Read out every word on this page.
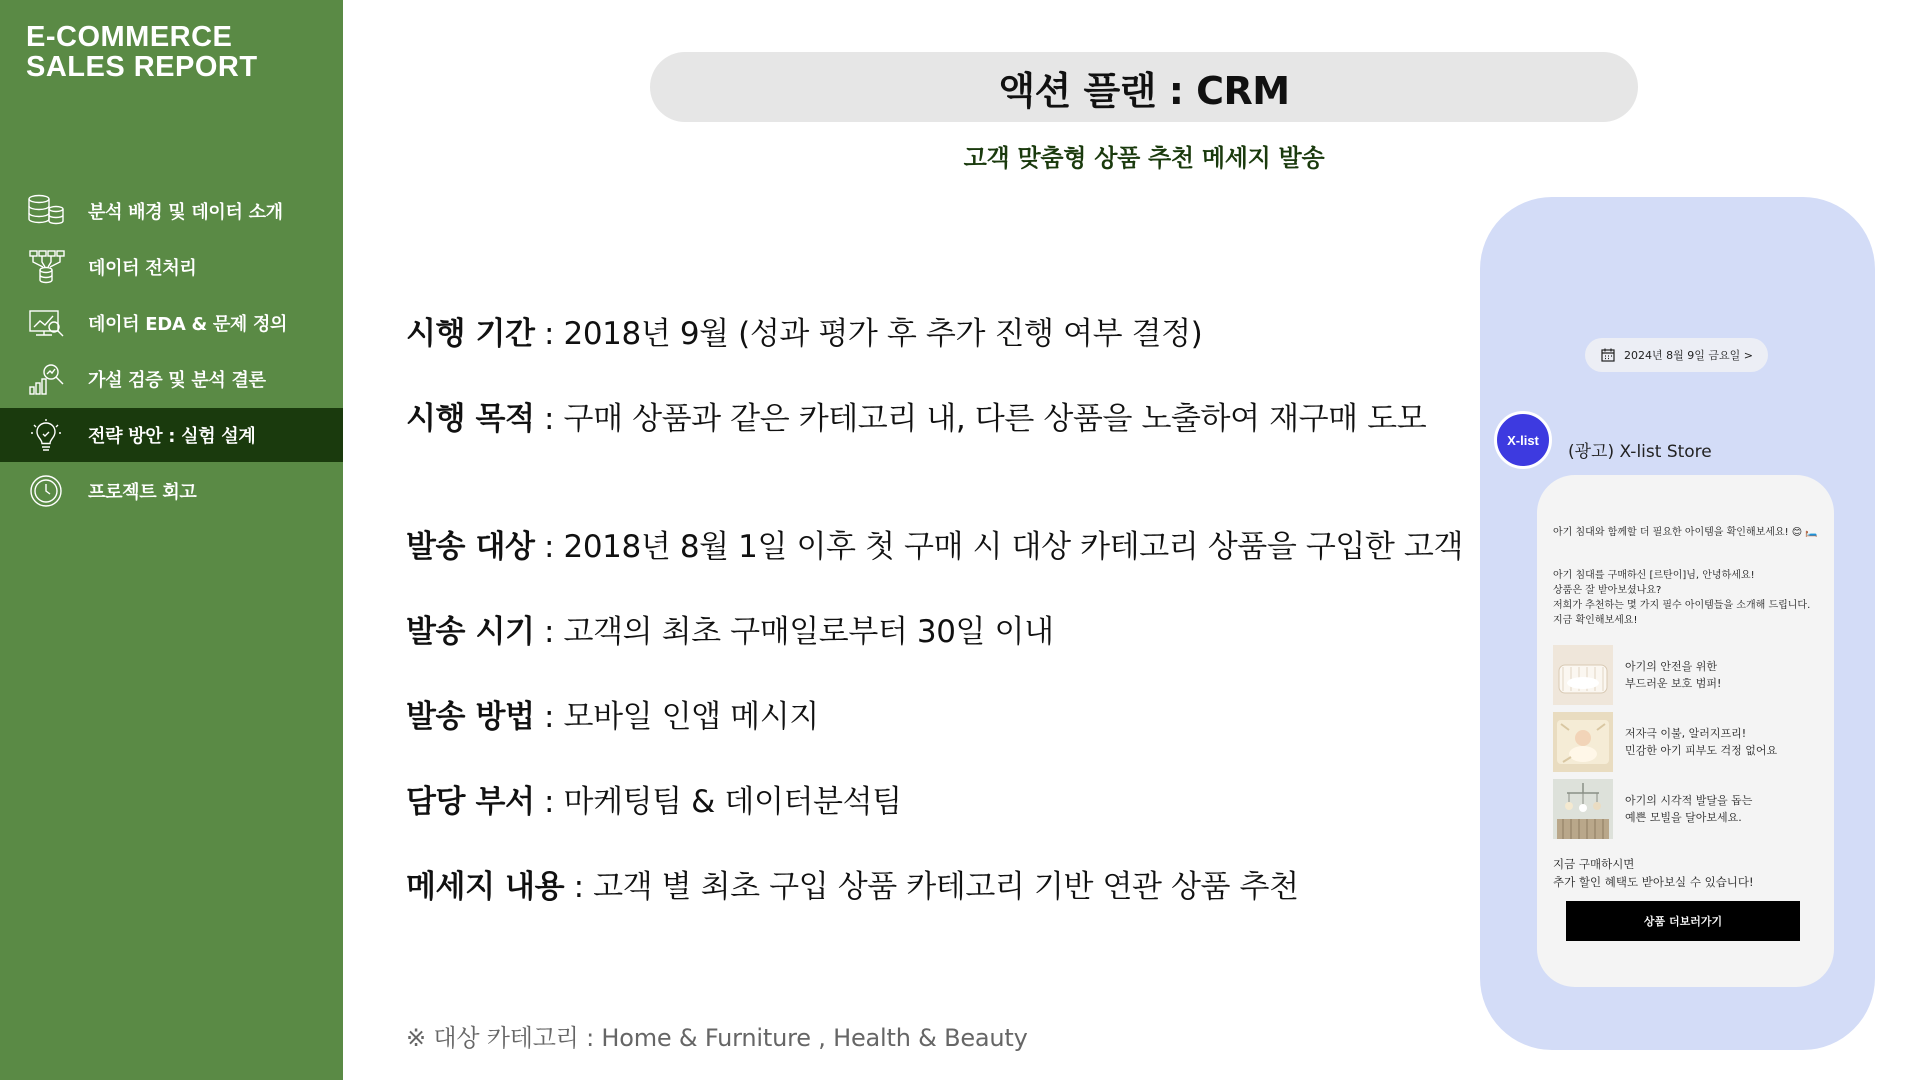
E-COMMERCE
SALES REPORT
분석 배경 및 데이터 소개
데이터 전처리
데이터 EDA & 문제 정의
가설 검증 및 분석 결론
전략 방안 : 실험 설계
프로젝트 회고
액션 플랜 : CRM
고객 맞춤형 상품 추천 메세지 발송
시행 기간 : 2018년 9월 (성과 평가 후 추가 진행 여부 결정)
시행 목적 : 구매 상품과 같은 카테고리 내, 다른 상품을 노출하여 재구매 도모
발송 대상 : 2018년 8월 1일 이후 첫 구매 시 대상 카테고리 상품을 구입한 고객
발송 시기 : 고객의 최초 구매일로부터 30일 이내
발송 방법 : 모바일 인앱 메시지
담당 부서 : 마케팅팀 & 데이터분석팀
메세지 내용 : 고객 별 최초 구입 상품 카테고리 기반 연관 상품 추천
※ 대상 카테고리 : Home & Furniture , Health & Beauty
2024년 8월 9일 금요일 >
X-list
(광고) X-list Store
아기 침대와 함께할 더 필요한 아이템을 확인해보세요! 😊 🛏️
아기 침대를 구매하신 [르탄이]님, 안녕하세요!
상품은 잘 받아보셨나요?
저희가 추천하는 몇 가지 필수 아이템들을 소개해 드립니다.
지금 확인해보세요!
아기의 안전을 위한
부드러운 보호 범퍼!
저자극 이불, 알러지프리!
민감한 아기 피부도 걱정 없어요
아기의 시각적 발달을 돕는
예쁜 모빌을 달아보세요.
지금 구매하시면
추가 할인 혜택도 받아보실 수 있습니다!
상품 더보러가기
